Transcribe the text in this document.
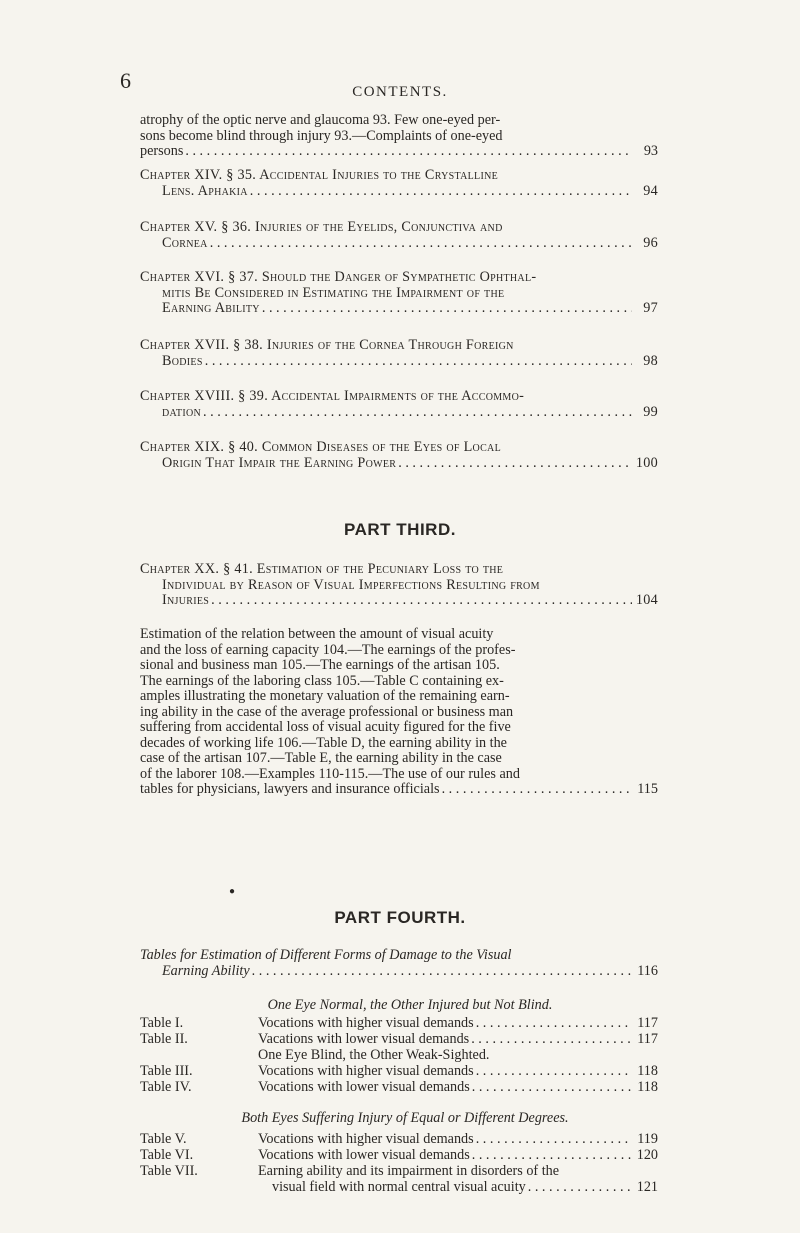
6	CONTENTS.
atrophy of the optic nerve and glaucoma 93. Few one-eyed per-
sons become blind through injury 93.—Complaints of one-eyed
persons . . .	93
Chapter XIV. § 35. Accidental Injuries to the Crystalline
Lens. Aphakia . . .	94
Chapter XV. § 36. Injuries of the Eyelids, Conjunctiva and
Cornea . . .	96
Chapter XVI. § 37. Should the Danger of Sympathetic Ophthal-
mitis Be Considered in Estimating the Impairment of the
Earning Ability . . .	97
Chapter XVII. § 38. Injuries of the Cornea Through Foreign
Bodies . . .	98
Chapter XVIII. § 39. Accidental Impairments of the Accommo-
dation . . .	99
Chapter XIX. § 40. Common Diseases of the Eyes of Local
Origin That Impair the Earning Power . . .	100
PART THIRD.
Chapter XX. § 41. Estimation of the Pecuniary Loss to the
Individual by Reason of Visual Imperfections Resulting from
Injuries . . .	104
Estimation of the relation between the amount of visual acuity
and the loss of earning capacity 104.—The earnings of the profes-
sional and business man 105.—The earnings of the artisan 105.
The earnings of the laboring class 105.—Table C containing ex-
amples illustrating the monetary valuation of the remaining earn-
ing ability in the case of the average professional or business man
suffering from accidental loss of visual acuity figured for the five
decades of working life 106.—Table D, the earning ability in the
case of the artisan 107.—Table E, the earning ability in the case
of the laborer 108.—Examples 110-115.—The use of our rules and
tables for physicians, lawyers and insurance officials . . .	115
●
PART FOURTH.
Tables for Estimation of Different Forms of Damage to the Visual
Earning Ability . . .	116
One Eye Normal, the Other Injured but Not Blind.
Table I.	Vocations with higher visual demands . . .	117
Table II.	Vacations with lower visual demands . . .	117
One Eye Blind, the Other Weak-Sighted.
Table III.	Vocations with higher visual demands . . .	118
Table IV.	Vocations with lower visual demands . . .	118
Both Eyes Suffering Injury of Equal or Different Degrees.
Table V.	Vocations with higher visual demands . . .	119
Table VI.	Vocations with lower visual demands . . .	120
Table VII.	Earning ability and its impairment in disorders of the
visual field with normal central visual acuity . . .	121
